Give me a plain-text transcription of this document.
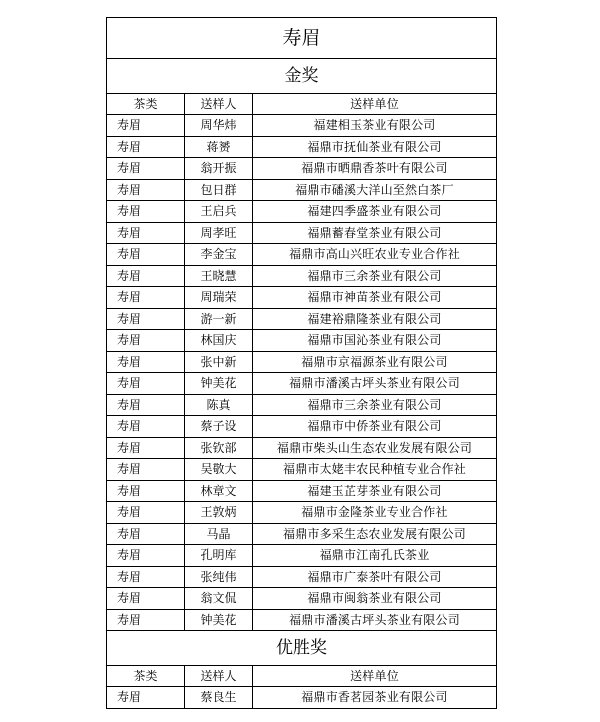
寿眉		
金奖		
茶类	送样人	送样单位
寿眉	周华炜	福建相玉茶业有限公司
寿眉	蒋赟	福鼎市抚仙茶业有限公司
寿眉	翁开振	福鼎市晒鼎香茶叶有限公司
寿眉	包日群	福鼎市磻溪大洋山至然白茶厂
寿眉	王启兵	福建四季盛茶业有限公司
寿眉	周孝旺	福鼎蓄春堂茶业有限公司
寿眉	李金宝	福鼎市高山兴旺农业专业合作社
寿眉	王晓慧	福鼎市三余茶业有限公司
寿眉	周瑞荣	福鼎市神苗茶业有限公司
寿眉	游一新	福建裕鼎隆茶业有限公司
寿眉	林国庆	福鼎市国沁茶业有限公司
寿眉	张中新	福鼎市京福源茶业有限公司
寿眉	钟美花	福鼎市潘溪古坪头茶业有限公司
寿眉	陈真	福鼎市三余茶业有限公司
寿眉	蔡子设	福鼎市中侨茶业有限公司
寿眉	张钦部	福鼎市柴头山生态农业发展有限公司
寿眉	吴敬大	福鼎市太姥丰农民种植专业合作社
寿眉	林章文	福建玉芷芽茶业有限公司
寿眉	王敦炳	福鼎市金隆茶业专业合作社
寿眉	马晶	福鼎市多采生态农业发展有限公司
寿眉	孔明库	福鼎市江南孔氏茶业
寿眉	张纯伟	福鼎市广泰茶叶有限公司
寿眉	翁文侃	福鼎市闽翁茶业有限公司
寿眉	钟美花	福鼎市潘溪古坪头茶业有限公司
优胜奖		
茶类	送样人	送样单位
寿眉	蔡良生	福鼎市香茗园茶业有限公司
